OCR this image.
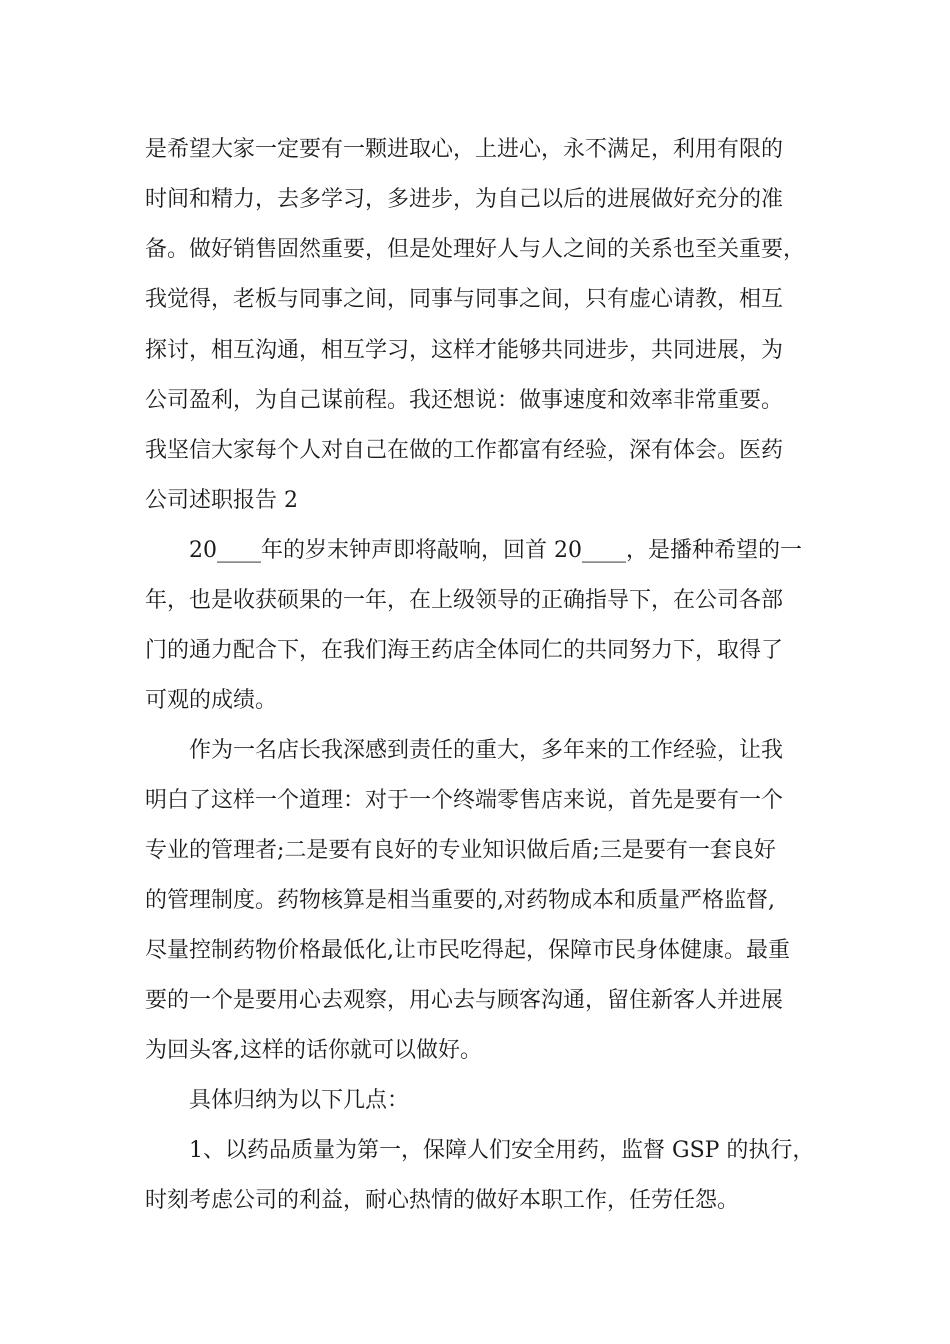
是希望大家一定要有一颗进取心，上进心，永不满足，利用有限的
时间和精力，去多学习，多进步，为自己以后的进展做好充分的准
备。做好销售固然重要，但是处理好人与人之间的关系也至关重要，
我觉得，老板与同事之间，同事与同事之间，只有虚心请教，相互
探讨，相互沟通，相互学习，这样才能够共同进步，共同进展，为
公司盈利，为自己谋前程。我还想说：做事速度和效率非常重要。
我坚信大家每个人对自己在做的工作都富有经验，深有体会。医药
公司述职报告 2
20____年的岁末钟声即将敲响，回首 20____，是播种希望的一
年，也是收获硕果的一年，在上级领导的正确指导下，在公司各部
门的通力配合下，在我们海王药店全体同仁的共同努力下，取得了
可观的成绩。
作为一名店长我深感到责任的重大，多年来的工作经验，让我
明白了这样一个道理：对于一个终端零售店来说，首先是要有一个
专业的管理者;二是要有良好的专业知识做后盾;三是要有一套良好
的管理制度。药物核算是相当重要的,对药物成本和质量严格监督,
尽量控制药物价格最低化,让市民吃得起，保障市民身体健康。最重
要的一个是要用心去观察，用心去与顾客沟通，留住新客人并进展
为回头客,这样的话你就可以做好。
具体归纳为以下几点：
1、以药品质量为第一，保障人们安全用药，监督 GSP 的执行，
时刻考虑公司的利益，耐心热情的做好本职工作，任劳任怨。
